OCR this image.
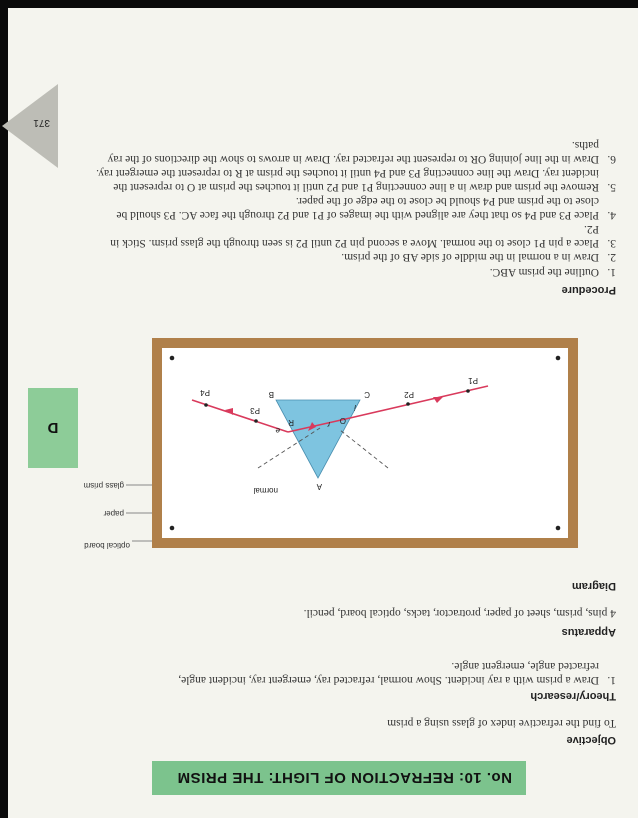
371
No. 10: REFRACTION OF LIGHT: THE PRISM
Objective
To find the refractive index of glass using a prism
Theory/research
1.
Draw a prism with a ray incident. Show normal, refracted ray, emergent ray, incident angle, refracted angle, emergent angle.
Apparatus
4 pins, prism, sheet of paper, protractor, tacks, optical board, pencil.
Diagram
D
A
B	C
O
R
i
r
e
P1
P2
P3
P4
normal
optical board
paper
glass prism
Procedure
1.
Outline the prism ABC.
2.
Draw in a normal in the middle of side AB of the prism.
3.
Place a pin P1 close to the normal. Move a second pin P2 until P2 is seen through the glass prism. Stick in P2.
4.
Place P3 and P4 so that they are aligned with the images of P1 and P2 through the face AC. P3 should be close to the prism and P4 should be close to the edge of the paper.
5.
Remove the prism and draw in a line connecting P1 and P2 until it touches the prism at O to represent the incident ray. Draw the line connecting P3 and P4 until it touches the prism at R to represent the emergent ray.
6.
Draw in the line joining OR to represent the refracted ray. Draw in arrows to show the directions of the ray paths.
